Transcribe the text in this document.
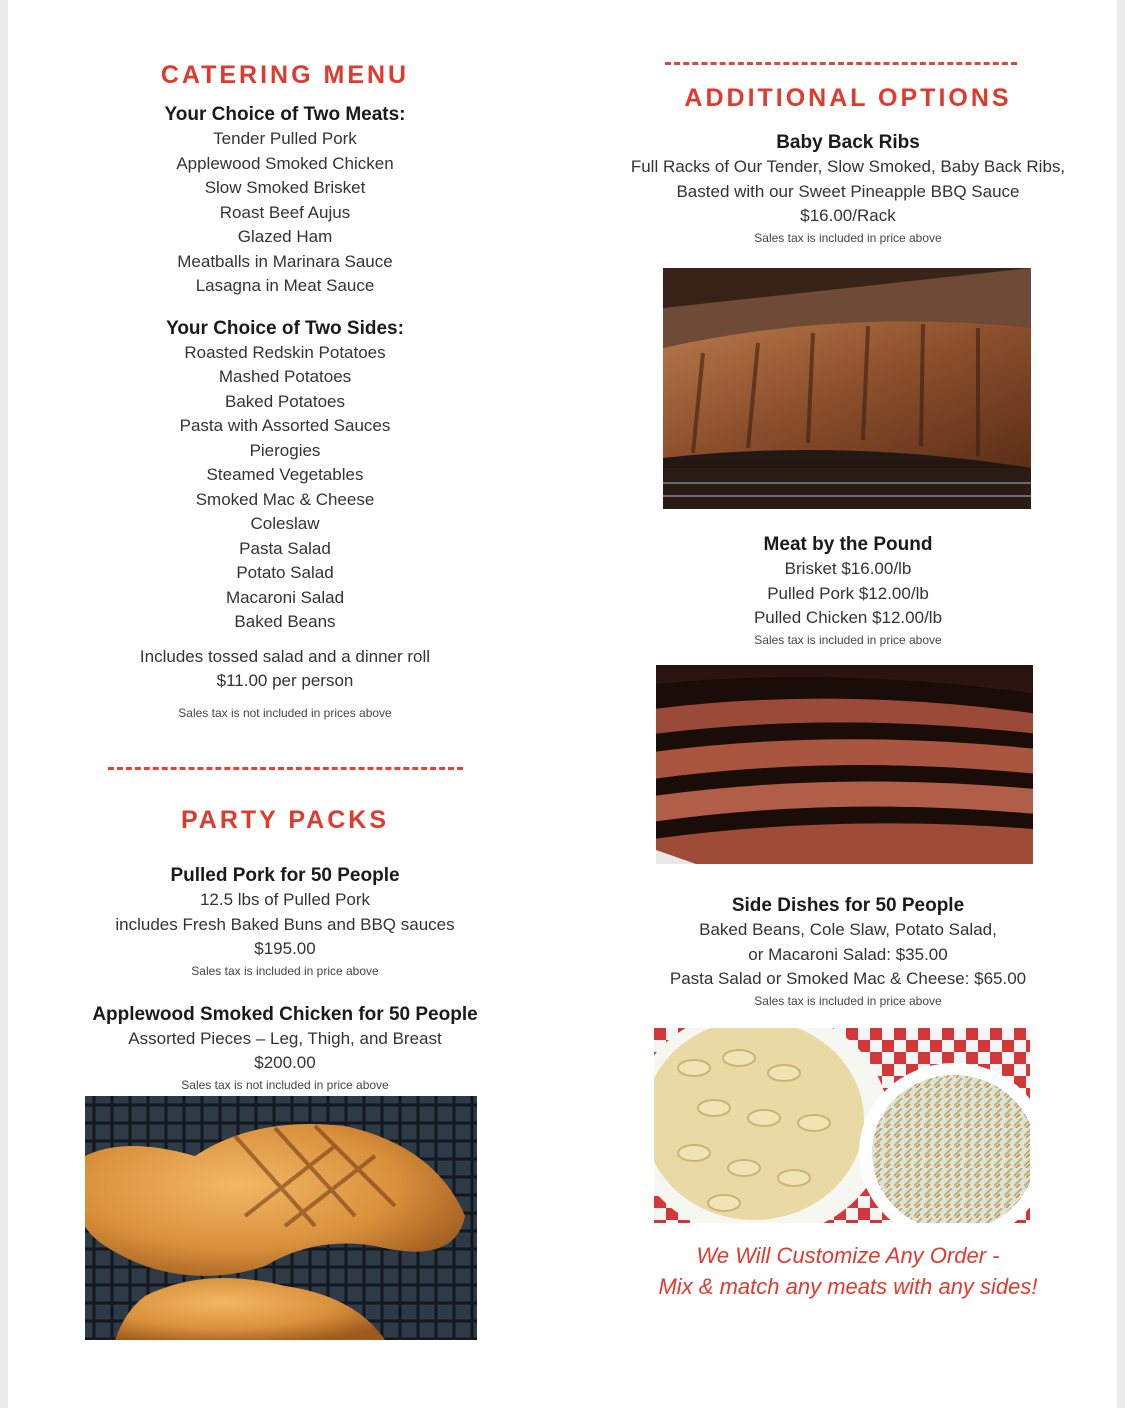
CATERING MENU
Your Choice of Two Meats:
Tender Pulled Pork
Applewood Smoked Chicken
Slow Smoked Brisket
Roast Beef Aujus
Glazed Ham
Meatballs in Marinara Sauce
Lasagna in Meat Sauce
Your Choice of Two Sides:
Roasted Redskin Potatoes
Mashed Potatoes
Baked Potatoes
Pasta with Assorted Sauces
Pierogies
Steamed Vegetables
Smoked Mac & Cheese
Coleslaw
Pasta Salad
Potato Salad
Macaroni Salad
Baked Beans
Includes tossed salad and a dinner roll
$11.00 per person
Sales tax is not included in prices above
PARTY PACKS
Pulled Pork for 50 People
12.5 lbs of Pulled Pork
includes Fresh Baked Buns and BBQ sauces $195.00
Sales tax is included in price above
Applewood Smoked Chicken for 50 People
Assorted Pieces – Leg, Thigh, and Breast
$200.00
Sales tax is not included in price above
ADDITIONAL OPTIONS
Baby Back Ribs
Full Racks of Our Tender, Slow Smoked, Baby Back Ribs,
Basted with our Sweet Pineapple BBQ Sauce
$16.00/Rack
Sales tax is included in price above
Meat by the Pound
Brisket $16.00/lb
Pulled Pork $12.00/lb
Pulled Chicken $12.00/lb
Sales tax is included in price above
Side Dishes for 50 People
Baked Beans, Cole Slaw, Potato Salad,
or Macaroni Salad: $35.00
Pasta Salad or Smoked Mac & Cheese: $65.00
Sales tax is included in price above
We Will Customize Any Order -
Mix & match any meats with any sides!
